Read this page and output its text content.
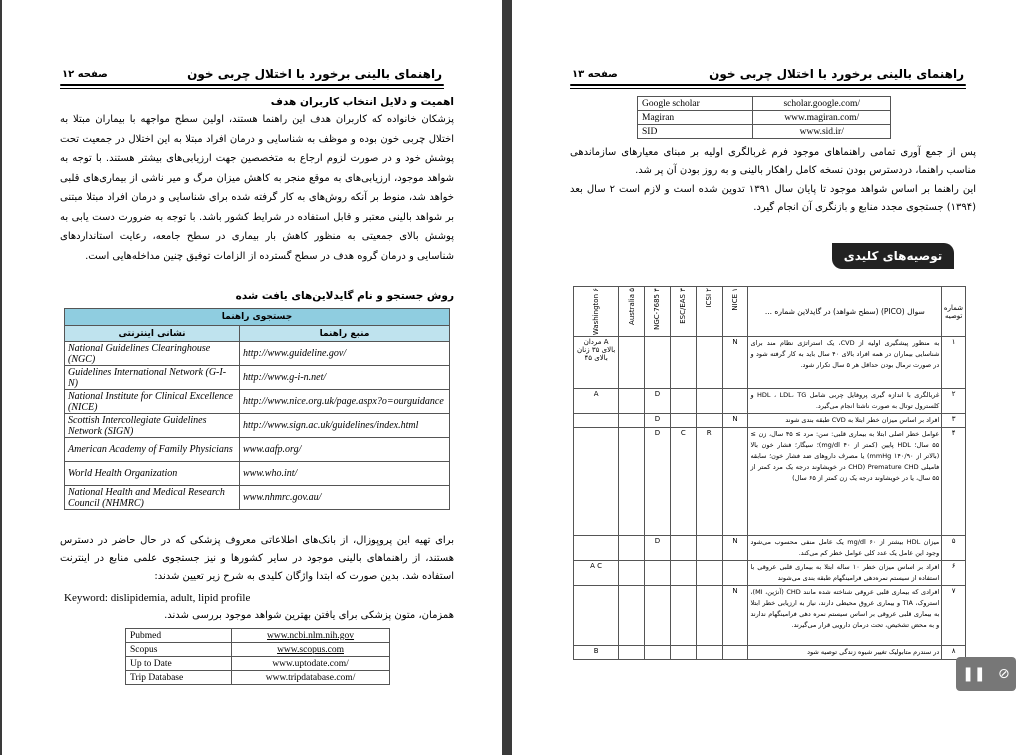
راهنمای بالینی برخورد با اختلال چربی خون
صفحه ۱۲
اهمیت و دلایل انتخاب کاربران هدف
پزشکان خانواده که کاربران هدف این راهنما هستند، اولین سطح مواجهه با بیماران مبتلا به اختلال چربی خون بوده و موظف به شناسایی و درمان افراد مبتلا به این اختلال در جمعیت تحت پوشش خود و در صورت لزوم ارجاع به متخصصین جهت ارزیابی‌های بیشتر هستند. با توجه به شواهد موجود، ارزیابی‌های به موقع منجر به کاهش میزان مرگ و میر ناشی از بیماری‌های قلبی خواهد شد، منوط بر آنکه روش‌های به کار گرفته شده برای شناسایی و درمان افراد مبتلا مبتنی بر شواهد بالینی معتبر و قابل استفاده در شرایط کشور باشد. با توجه به ضرورت دست یابی به پوشش بالای جمعیتی به منظور کاهش بار بیماری در سطح جامعه، رعایت استانداردهای شناسایی و درمان گروه هدف در سطح گسترده از الزامات توفیق چنین مداخله‌هایی است.
روش جستجو و نام گایدلاین‌های یافت شده
جستجوی راهنما	
نشانی اینترنتی	منبع راهنما
National Guidelines Clearinghouse (NGC)	http://www.guideline.gov/
Guidelines International Network (G-I-N)	http://www.g-i-n.net/
National Institute for Clinical Excellence (NICE)	http://www.nice.org.uk/page.aspx?o=ourguidance
Scottish Intercollegiate Guidelines Network (SIGN)	http://www.sign.ac.uk/guidelines/index.html
American Academy of Family Physicians	www.aafp.org/
World Health Organization	www.who.int/
National Health and Medical Research Council (NHMRC)	www.nhmrc.gov.au/
برای تهیه این پروپوزال، از بانک‌های اطلاعاتی معروف پزشکی که در حال حاضر در دسترس هستند، از راهنماهای بالینی موجود در سایر کشورها و نیز جستجوی علمی منابع در اینترنت استفاده شد. بدین صورت که ابتدا واژگان کلیدی به شرح زیر تعیین شدند:
Keyword: dislipidemia, adult, lipid profile
همزمان، متون پزشکی برای یافتن بهترین شواهد موجود بررسی شدند.
Pubmed	www.ncbi.nlm.nih.gov
Scopus	www.scopus.com
Up to Date	www.uptodate.com/
Trip Database	www.tripdatabase.com/
راهنمای بالینی برخورد با اختلال چربی خون
صفحه ۱۳
Google scholar	scholar.google.com/
Magiran	www.magiran.com/
SID	www.sid.ir/
پس از جمع آوری تمامی راهنماهای موجود فرم غربالگری اولیه بر مبنای معیارهای سازماندهی مناسب راهنما، دردسترس بودن نسخه کامل راهکار بالینی و به روز بودن آن پر شد.
این راهنما بر اساس شواهد موجود تا پایان سال ۱۳۹۱ تدوین شده است و لازم است ۲ سال بعد (۱۳۹۴) جستجوی مجدد منابع و بازنگری آن انجام گیرد.
توصیه‌های کلیدی
Washington ۶	Australia ۵	NGC-7685 ۴	ESC/EAS ۳	ICSI ۲	NICE ۱	سوال (PICO) (سطح شواهد) در گایدلاین شماره ...	شماره توصیه
A مردان بالای ۳۵ زنان بالای ۴۵					N	به منظور پیشگیری اولیه از CVD، یک استراتژی نظام مند برای شناسایی بیماران در همه افراد بالای ۴۰ سال باید به کار گرفته شود و در صورت نرمال بودن حداقل هر ۵ سال تکرار شود.	۱
A		D				غربالگری با اندازه گیری پروفایل چربی شامل HDL ، LDL، TG و کلسترول توتال به صورت ناشتا انجام می‌گیرد.	۲
		D			N	افراد بر اساس میزان خطر ابتلا به CVD طبقه بندی شوند	۳
		D	C	R		عوامل خطر اصلی ابتلا به بیماری قلبی: سن: مرد ≥ ۴۵ سال، زن ≥ ۵۵ سال؛ HDL پایین (کمتر از ۴۰ mg/dl)؛ سیگار؛ فشار خون بالا (بالاتر از ۱۴۰/۹۰ mmHg) یا مصرف داروهای ضد فشار خون؛ سابقه فامیلی Premature CHD (CHD در خویشاوند درجه یک مرد کمتر از ۵۵ سال، یا در خویشاوند درجه یک زن کمتر از ۶۵ سال)	۴
		D			N	میزان HDL بیشتر از ۶۰ mg/dl یک عامل منفی محسوب می‌شود وجود این عامل یک عدد کلی عوامل خطر کم می‌کند.	۵
A C						افراد بر اساس میزان خطر ۱۰ ساله ابتلا به بیماری قلبی عروقی با استفاده از سیستم نمره‌دهی فرامینگهام طبقه بندی می‌شوند	۶
					N	افرادی که بیماری قلبی عروقی شناخته شده مانند CHD (آنژین، MI)، استروک، TIA و بیماری عروق محیطی دارند، نیاز به ارزیابی خطر ابتلا به بیماری قلبی عروقی بر اساس سیستم نمره دهی فرامینگهام ندارند و به محض تشخیص، تحت درمان دارویی قرار می‌گیرند.	۷
B						در سندرم متابولیک تغییر شیوه زندگی توصیه شود	۸
❚❚ ⊘
